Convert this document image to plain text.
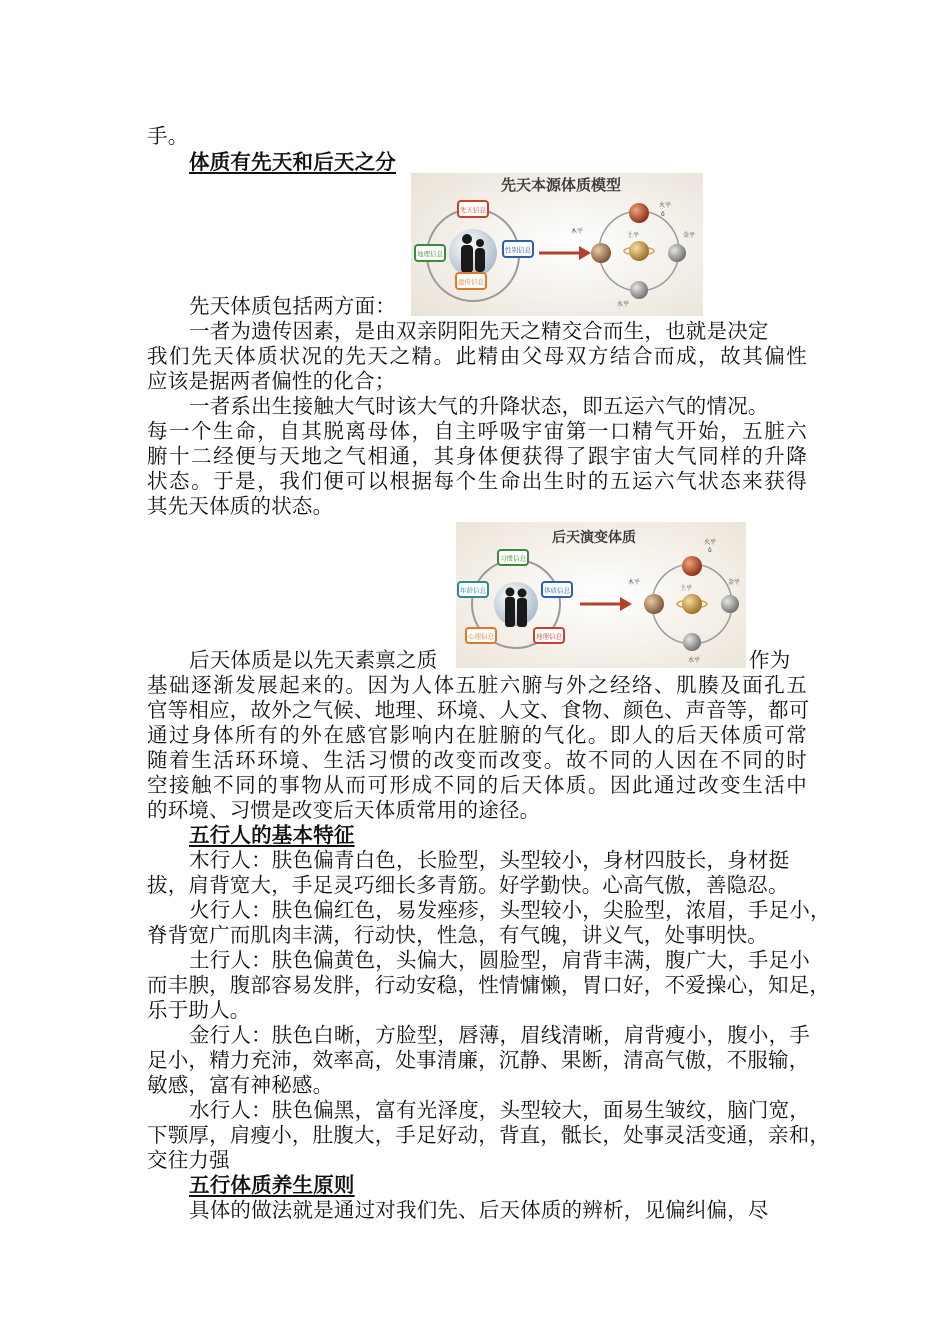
手。
体质有先天和后天之分
先天本源体质模型
先天信息
地理信息	性别信息
遗传信息
火平
δ
土平	金平
木平
水平
先天体质包括两方面：
一者为遗传因素，是由双亲阴阳先天之精交合而生，也就是决定
我们先天体质状况的先天之精。此精由父母双方结合而成，故其偏性
应该是据两者偏性的化合；
一者系出生接触大气时该大气的升降状态，即五运六气的情况。
每一个生命，自其脱离母体，自主呼吸宇宙第一口精气开始，五脏六
腑十二经便与天地之气相通，其身体便获得了跟宇宙大气同样的升降
状态。于是，我们便可以根据每个生命出生时的五运六气状态来获得
其先天体质的状态。
后天演变体质
习惯信息
年龄信息	体质信息
心理信息	地理信息
火平
δ
土平
金平
木平
水平
后天体质是以先天素禀之质	作为
基础逐渐发展起来的。因为人体五脏六腑与外之经络、肌腠及面孔五
官等相应，故外之气候、地理、环境、人文、食物、颜色、声音等，都可
通过身体所有的外在感官影响内在脏腑的气化。即人的后天体质可常
随着生活环环境、生活习惯的改变而改变。故不同的人因在不同的时
空接触不同的事物从而可形成不同的后天体质。因此通过改变生活中
的环境、习惯是改变后天体质常用的途径。
五行人的基本特征
木行人：肤色偏青白色，长脸型，头型较小，身材四肢长，身材挺
拔，肩背宽大，手足灵巧细长多青筋。好学勤快。心高气傲，善隐忍。
火行人：肤色偏红色，易发痤疹，头型较小，尖脸型，浓眉，手足小，
脊背宽广而肌肉丰满，行动快，性急，有气魄，讲义气，处事明快。
土行人：肤色偏黄色，头偏大，圆脸型，肩背丰满，腹广大，手足小
而丰腴，腹部容易发胖，行动安稳，性情慵懒，胃口好，不爱操心，知足，
乐于助人。
金行人：肤色白晰，方脸型，唇薄，眉线清晰，肩背瘦小，腹小，手
足小，精力充沛，效率高，处事清廉，沉静、果断，清高气傲，不服输，
敏感，富有神秘感。
水行人：肤色偏黑，富有光泽度，头型较大，面易生皱纹，脑门宽，
下颚厚，肩瘦小，肚腹大，手足好动，背直，骶长，处事灵活变通，亲和，
交往力强
五行体质养生原则
具体的做法就是通过对我们先、后天体质的辨析，见偏纠偏，尽
